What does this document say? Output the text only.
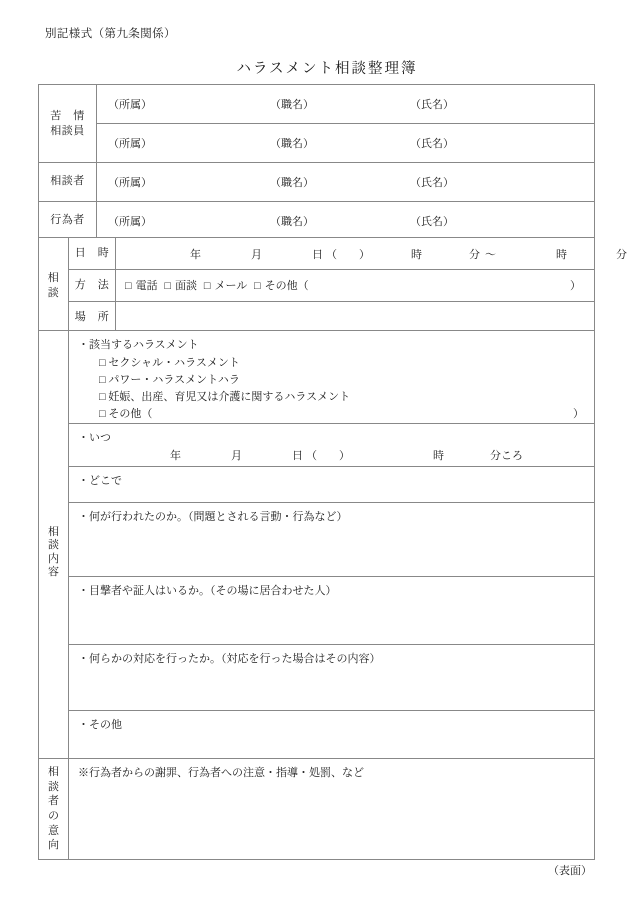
別記様式（第九条関係）
ハラスメント相談整理簿
苦　情
相談員	（所属） （職名） （氏名）

	（所属） （職名） （氏名）

相談者	（所属） （職名） （氏名）

行為者	（所属） （職名） （氏名）
相
談
	日　時	年	月	日 （　　）	時	分 ～	時	分

	方　法	□ 電話 □ 面談 □ メール □ その他（ ）

	場　所	
相
談
内
容

・該当するハラスメント
□ セクシャル・ハラスメント
□ パワー・ハラスメントハラ
□ 妊娠、出産、育児又は介護に関するハラスメント
□ その他（	）

・いつ
年	月	日 （　　）	時	分ころ

・どこで

・何が行われたのか。（問題とされる言動・行為など）

・目撃者や証人はいるか。（その場に居合わせた人）

・何らかの対応を行ったか。（対応を行った場合はその内容）

・その他
相
談
者
の
意
向

※行為者からの謝罪、行為者への注意・指導・処罰、など
（表面）
